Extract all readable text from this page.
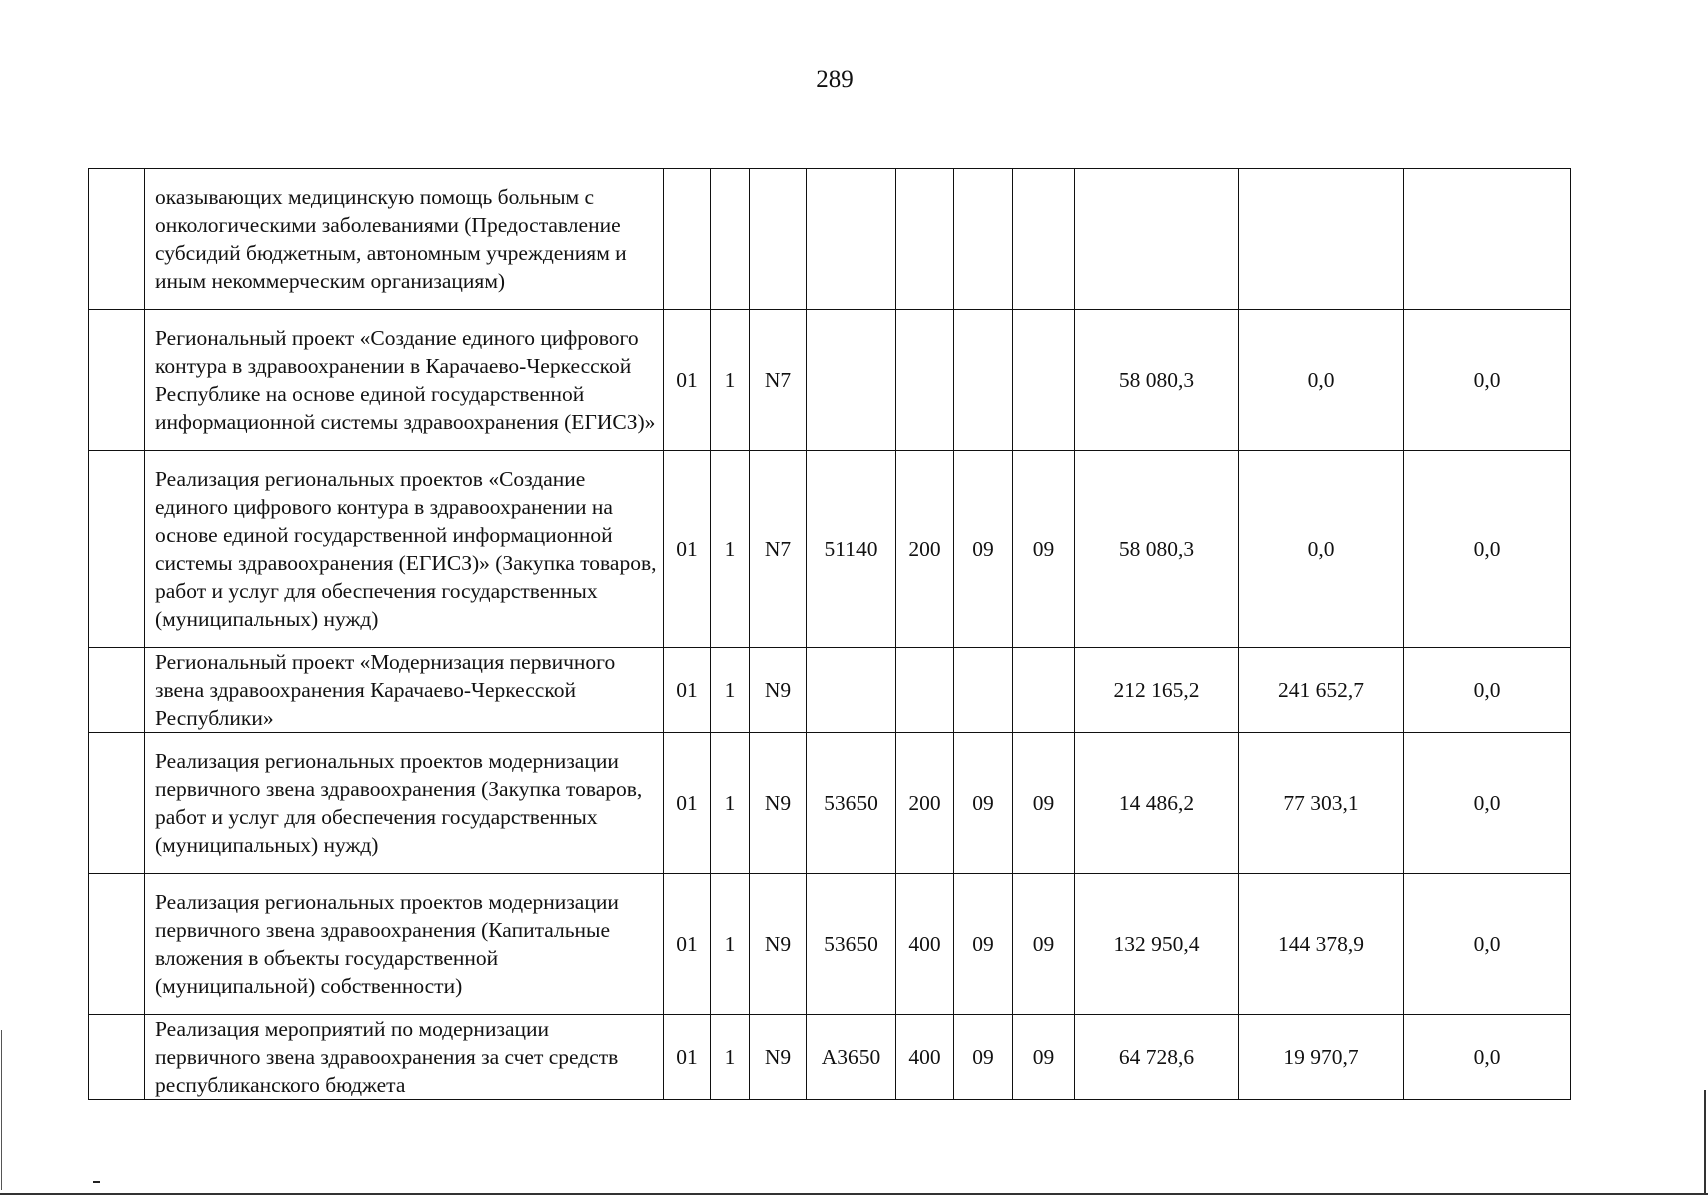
289
	оказывающих медицинскую помощь больным с онкологическими заболеваниями (Предоставление субсидий бюджетным, автономным учреждениям и иным некоммерческим организациям)										
	Региональный проект «Создание единого цифрового контура в здравоохранении в Карачаево-Черкесской Республике на основе единой государственной информационной системы здравоохранения (ЕГИСЗ)»	01	1	N7					58 080,3	0,0	0,0
	Реализация региональных проектов «Создание единого цифрового контура в здравоохранении на основе единой государственной информационной системы здравоохранения (ЕГИСЗ)» (Закупка товаров, работ и услуг для обеспечения государственных (муниципальных) нужд)	01	1	N7	51140	200	09	09	58 080,3	0,0	0,0
	Региональный проект «Модернизация первичного звена здравоохранения Карачаево-Черкесской Республики»	01	1	N9					212 165,2	241 652,7	0,0
	Реализация региональных проектов модернизации первичного звена здравоохранения (Закупка товаров, работ и услуг для обеспечения государственных (муниципальных) нужд)	01	1	N9	53650	200	09	09	14 486,2	77 303,1	0,0
	Реализация региональных проектов модернизации первичного звена здравоохранения (Капитальные вложения в объекты государственной (муниципальной) собственности)	01	1	N9	53650	400	09	09	132 950,4	144 378,9	0,0
	Реализация мероприятий по модернизации первичного звена здравоохранения за счет средств республиканского бюджета	01	1	N9	А3650	400	09	09	64 728,6	19 970,7	0,0
